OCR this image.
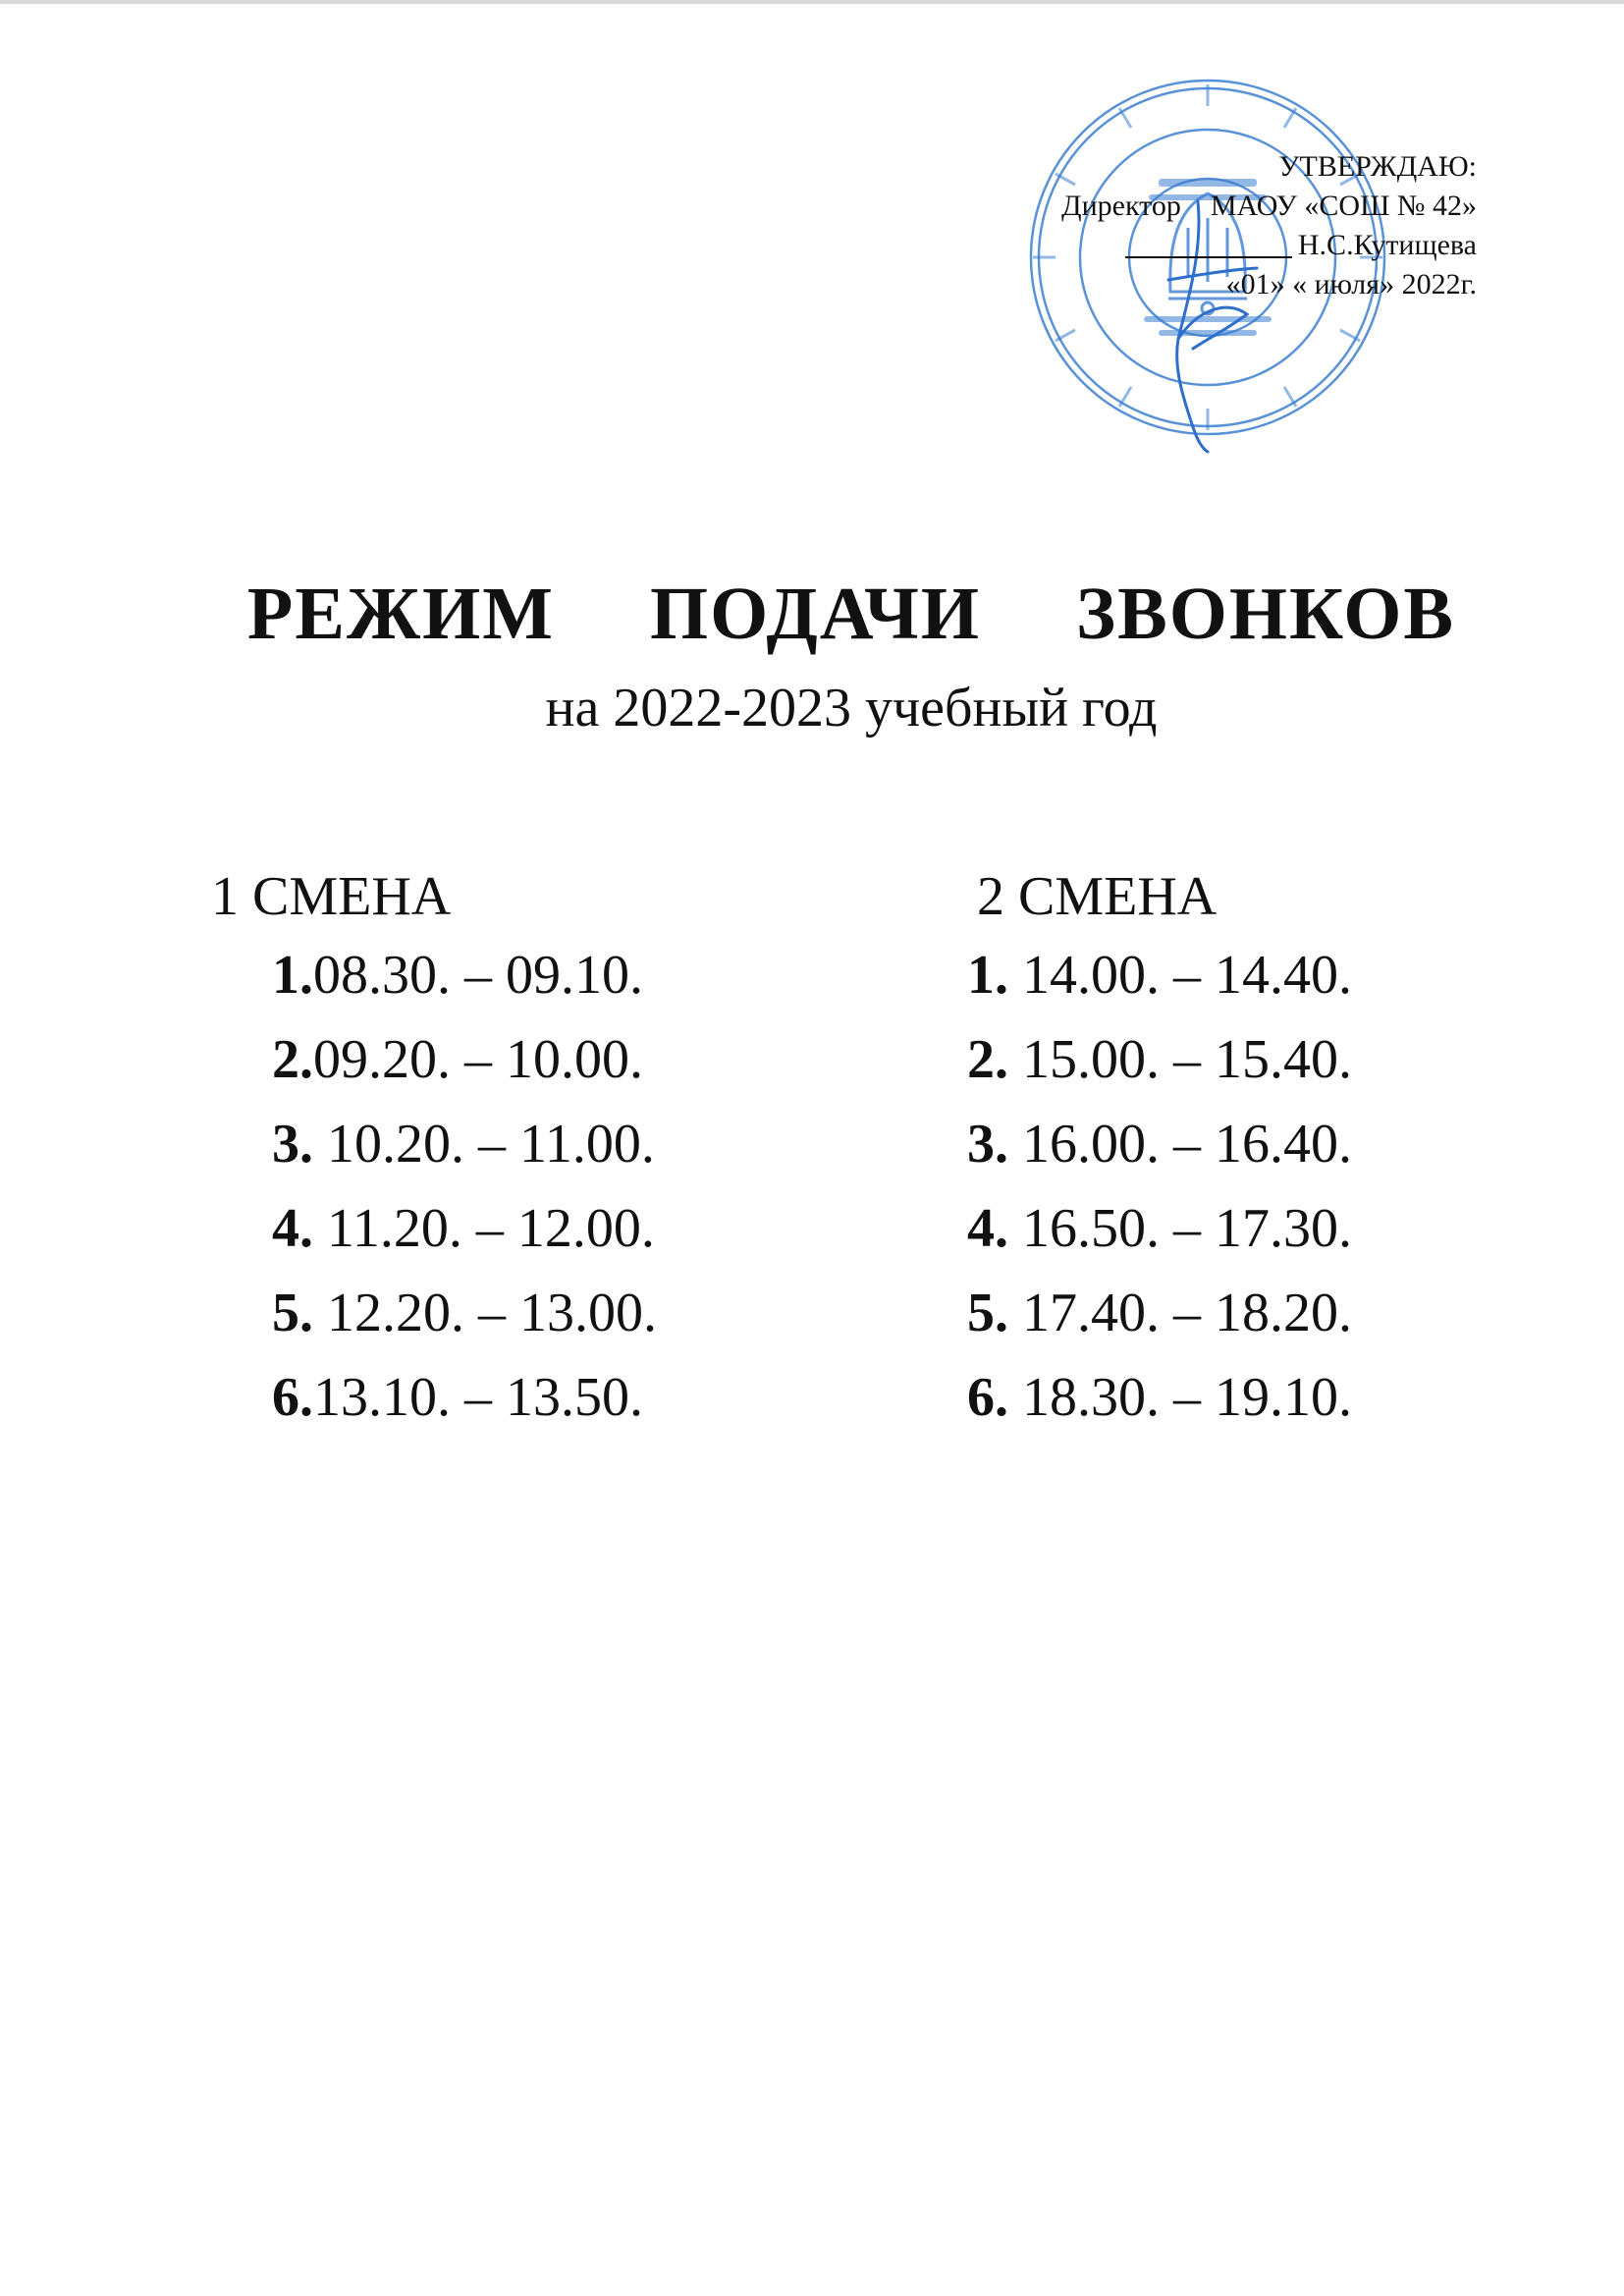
УТВЕРЖДАЮ:
Директор МАОУ «СОШ № 42»
Н.С.Кутищева
«01» « июля» 2022г.
РЕЖИМ ПОДАЧИ ЗВОНКОВ
на 2022-2023 учебный год
1 СМЕНА
1.08.30. – 09.10.
2.09.20. – 10.00.
3. 10.20. – 11.00.
4. 11.20. – 12.00.
5. 12.20. – 13.00.
6.13.10. – 13.50.
2 СМЕНА
1. 14.00. – 14.40.
2. 15.00. – 15.40.
3. 16.00. – 16.40.
4. 16.50. – 17.30.
5. 17.40. – 18.20.
6. 18.30. – 19.10.
